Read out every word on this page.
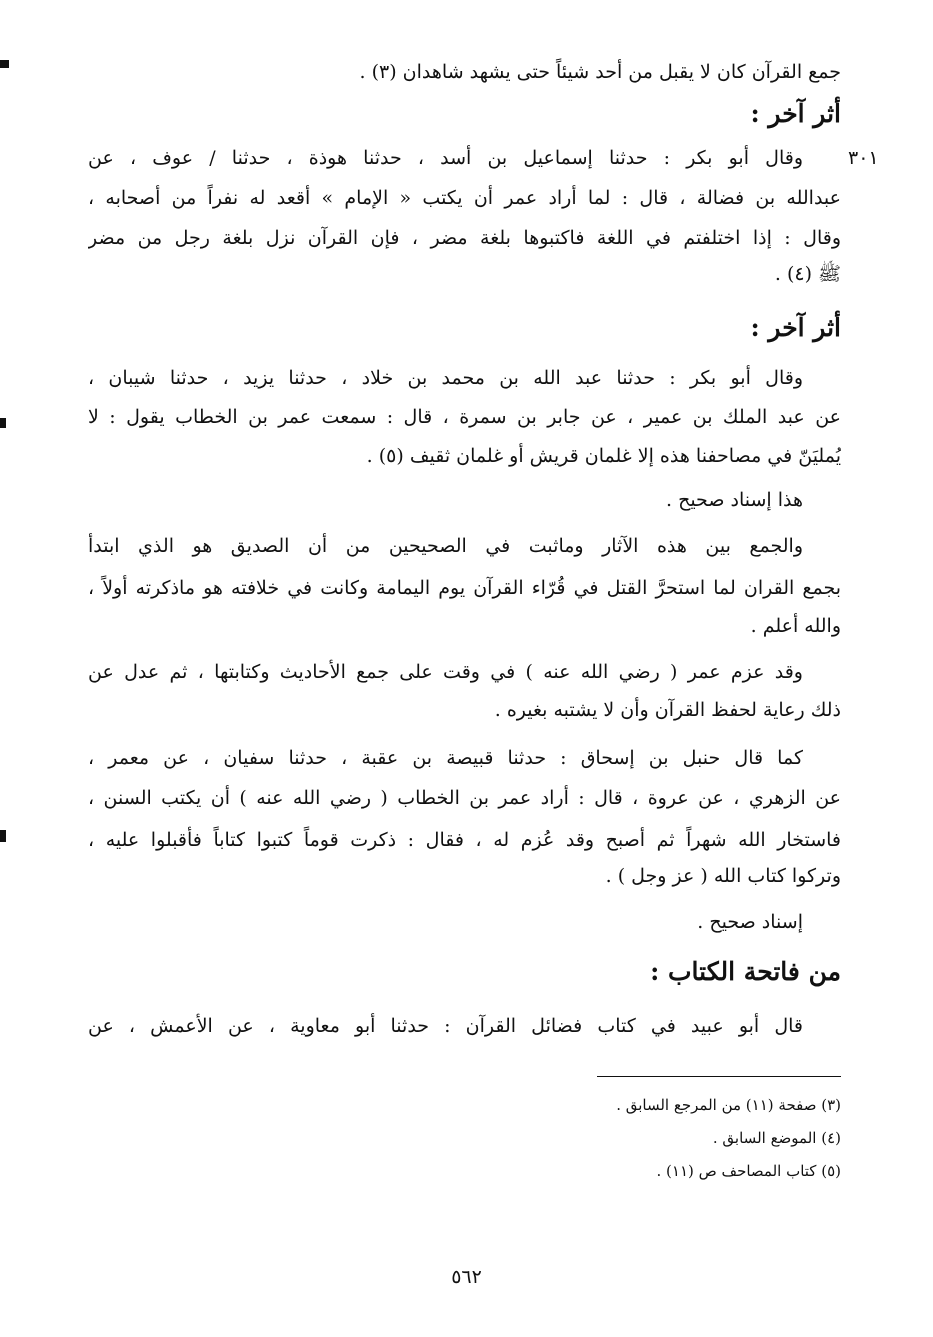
جمع القرآن كان لا يقبل من أحد شيئاً حتى يشهد شاهدان (٣) .
أثر آخر :
٣٠١
وقال أبو بكر : حدثنا إسماعيل بن أسد ، حدثنا هوذة ، حدثنا / عوف ، عن
عبدالله بن فضالة ، قال : لما أراد عمر أن يكتب « الإمام » أقعد له نفراً من أصحابه ،
وقال : إذا اختلفتم في اللغة فاكتبوها بلغة مضر ، فإن القرآن نزل بلغة رجل من مضر
ﷺ (٤) .
أثر آخر :
وقال أبو بكر : حدثنا عبد الله بن محمد بن خلاد ، حدثنا يزيد ، حدثنا شيبان ،
عن عبد الملك بن عمير ، عن جابر بن سمرة ، قال : سمعت عمر بن الخطاب يقول : لا
يُمليَنّ في مصاحفنا هذه إلا غلمان قريش أو غلمان ثقيف (٥) .
هذا إسناد صحيح .
والجمع بين هذه الآثار وماثبت في الصحيحين من أن الصديق هو الذي ابتدأ
بجمع القران لما استحرَّ القتل في قُرّاء القرآن يوم اليمامة وكانت في خلافته هو ماذكرته أولاً ،
والله أعلم .
وقد عزم عمر ( رضي الله عنه ) في وقت على جمع الأحاديث وكتابتها ، ثم عدل عن
ذلك رعاية لحفظ القرآن وأن لا يشتبه بغيره .
كما قال حنبل بن إسحاق : حدثنا قبيصة بن عقبة ، حدثنا سفيان ، عن معمر ،
عن الزهري ، عن عروة ، قال : أراد عمر بن الخطاب ( رضي الله عنه ) أن يكتب السنن ،
فاستخار الله شهراً ثم أصبح وقد عُزم له ، فقال : ذكرت قوماً كتبوا كتاباً فأقبلوا عليه ،
وتركوا كتاب الله ( عز وجل ) .
إسناد صحيح .
من فاتحة الكتاب :
قال أبو عبيد في كتاب فضائل القرآن : حدثنا أبو معاوية ، عن الأعمش ، عن
(٣) صفحة (١١) من المرجع السابق .
(٤) الموضع السابق .
(٥) كتاب المصاحف ص (١١) .
٥٦٢
